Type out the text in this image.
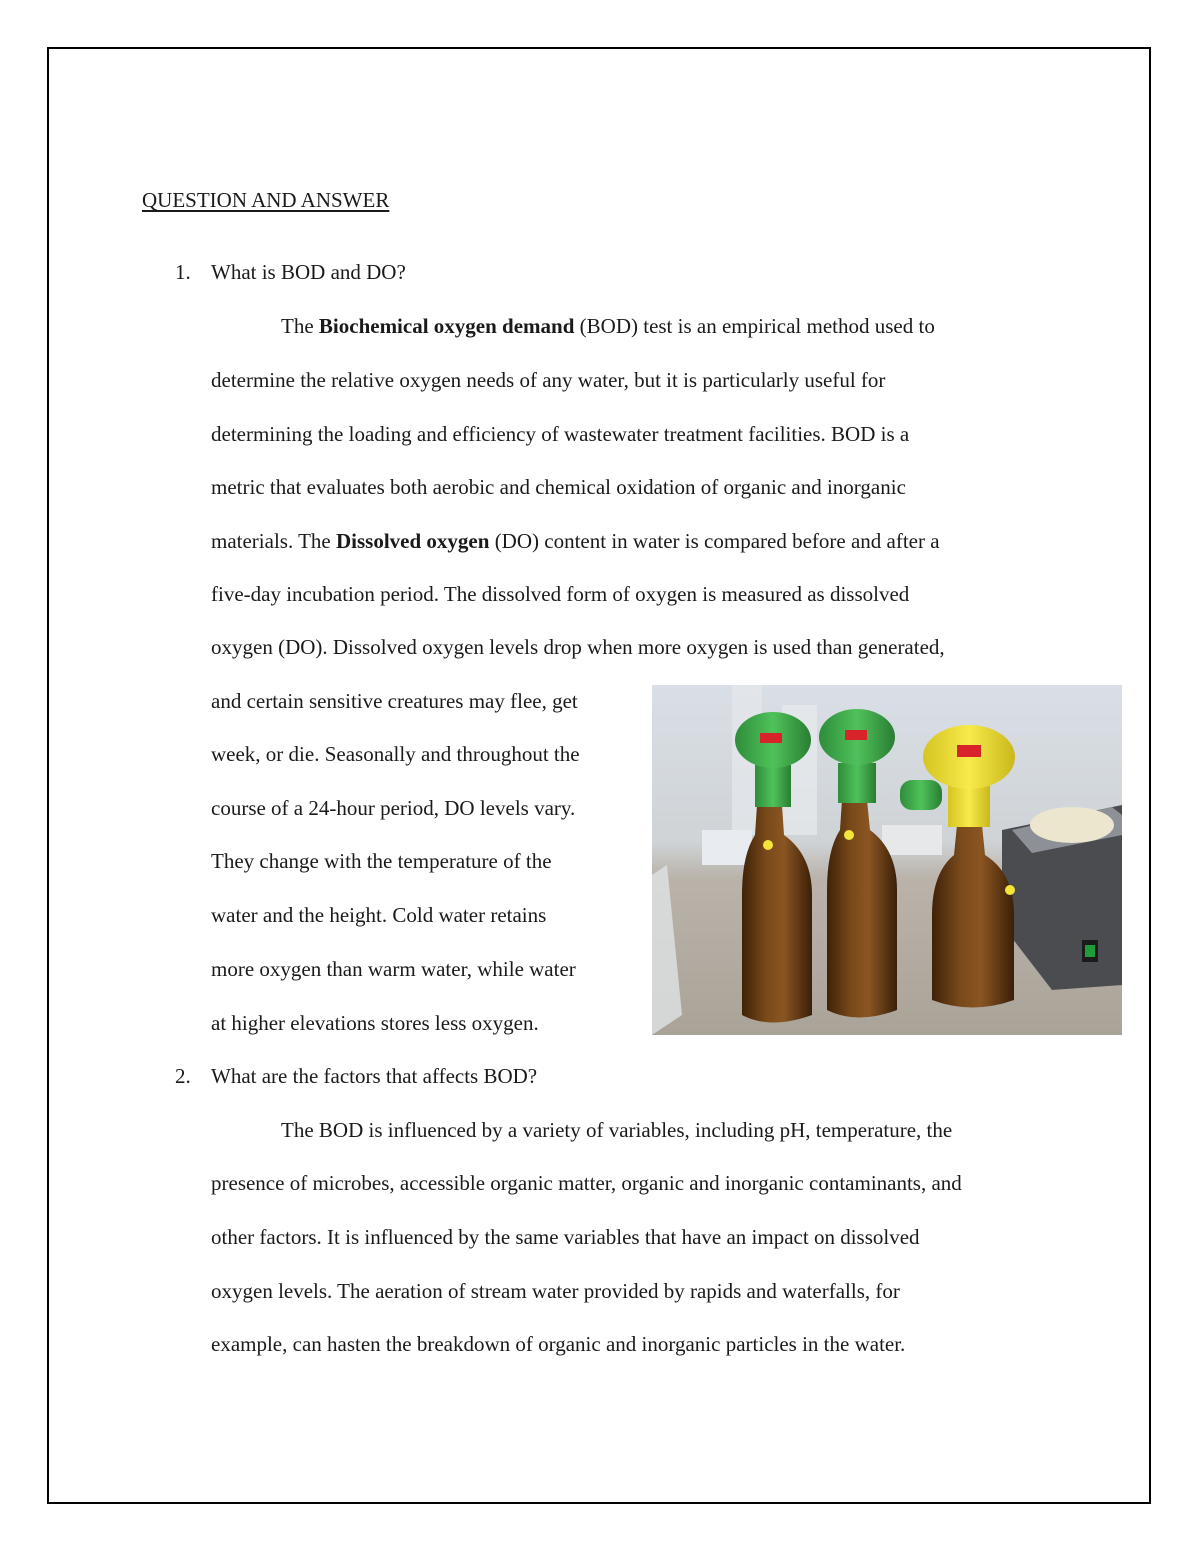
QUESTION AND ANSWER
1. What is BOD and DO?
The Biochemical oxygen demand (BOD) test is an empirical method used to
determine the relative oxygen needs of any water, but it is particularly useful for
determining the loading and efficiency of wastewater treatment facilities. BOD is a
metric that evaluates both aerobic and chemical oxidation of organic and inorganic
materials. The Dissolved oxygen (DO) content in water is compared before and after a
five-day incubation period. The dissolved form of oxygen is measured as dissolved
oxygen (DO). Dissolved oxygen levels drop when more oxygen is used than generated,
and certain sensitive creatures may flee, get
week, or die. Seasonally and throughout the
course of a 24-hour period, DO levels vary.
They change with the temperature of the
water and the height. Cold water retains
more oxygen than warm water, while water
at higher elevations stores less oxygen.
2. What are the factors that affects BOD?
The BOD is influenced by a variety of variables, including pH, temperature, the
presence of microbes, accessible organic matter, organic and inorganic contaminants, and
other factors. It is influenced by the same variables that have an impact on dissolved
oxygen levels. The aeration of stream water provided by rapids and waterfalls, for
example, can hasten the breakdown of organic and inorganic particles in the water.
